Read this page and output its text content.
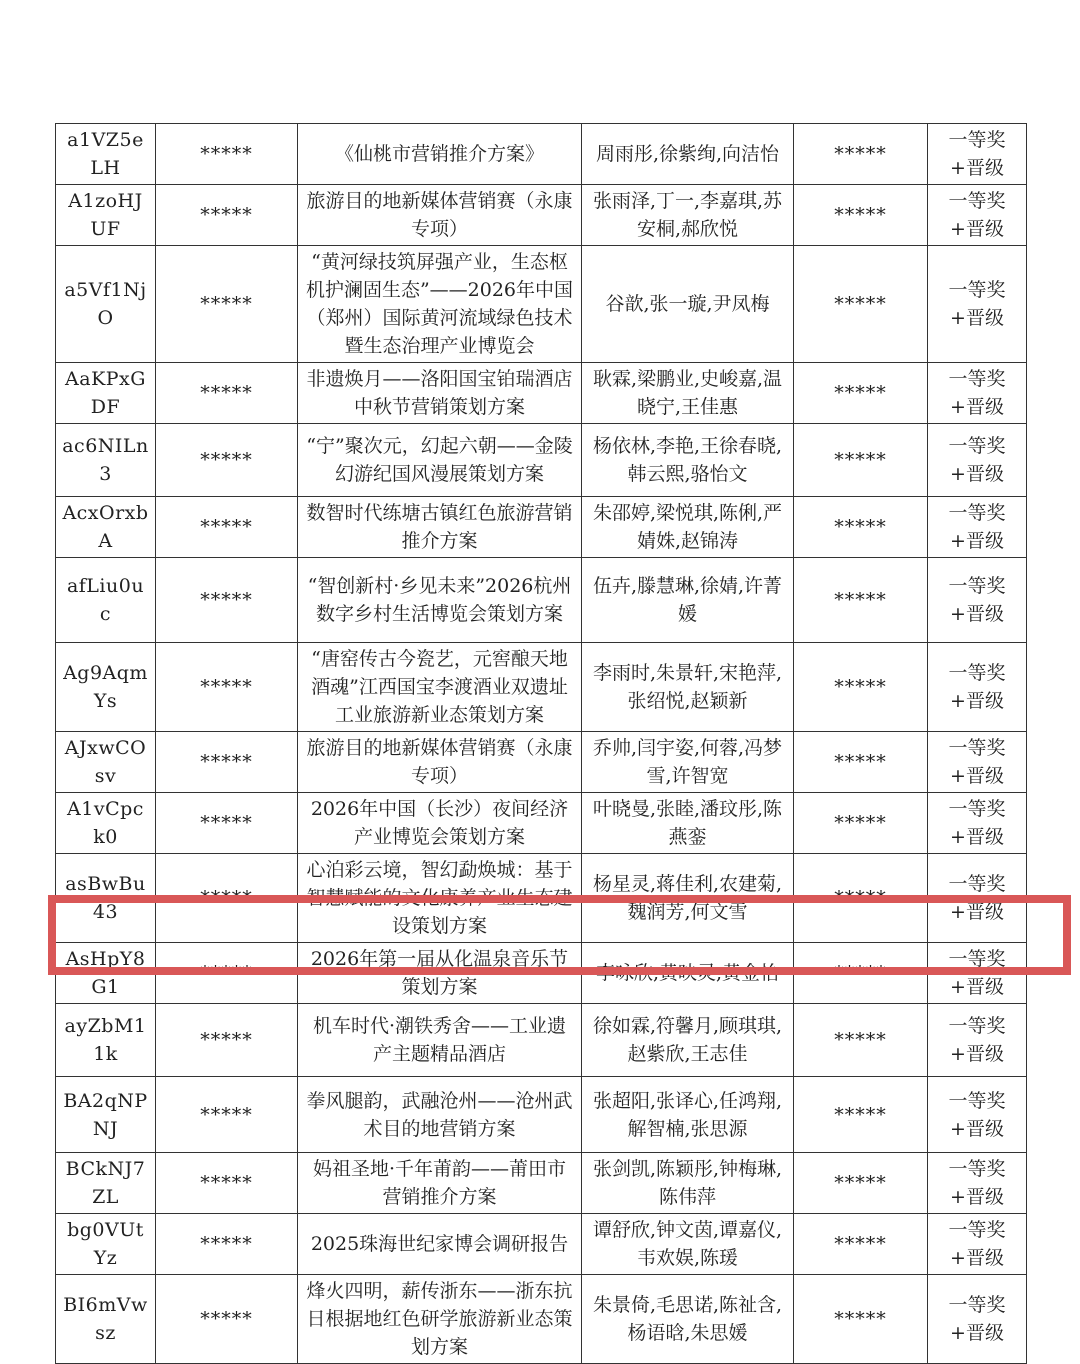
a1VZ5eLH	*****	《仙桃市营销推介方案》	周雨彤,徐紫绚,向洁怡	*****	一等奖+晋级
A1zoHJUF	*****	旅游目的地新媒体营销赛（永康专项）	张雨泽,丁一,李嘉琪,苏安桐,郝欣悦	*****	一等奖+晋级
a5Vf1NjO	*****	“黄河绿技筑屏强产业，生态枢机护澜固生态”——2026年中国（郑州）国际黄河流域绿色技术暨生态治理产业博览会	谷歆,张一璇,尹凤梅	*****	一等奖+晋级
AaKPxGDF	*****	非遗焕月——洛阳国宝铂瑞酒店中秋节营销策划方案	耿霖,梁鹏业,史峻嘉,温晓宁,王佳惠	*****	一等奖+晋级
ac6NILn3	*****	“宁”聚次元，幻起六朝——金陵幻游纪国风漫展策划方案	杨依林,李艳,王徐春晓,韩云熙,骆怡文	*****	一等奖+晋级
AcxOrxbA	*****	数智时代练塘古镇红色旅游营销推介方案	朱邵婷,梁悦琪,陈俐,严婧姝,赵锦涛	*****	一等奖+晋级
afLiu0uc	*****	“智创新村·乡见未来”2026杭州数字乡村生活博览会策划方案	伍卉,滕慧琳,徐婧,许菁媛	*****	一等奖+晋级
Ag9AqmYs	*****	“唐窑传古今瓷艺，元窖酿天地酒魂”江西国宝李渡酒业双遗址工业旅游新业态策划方案	李雨时,朱景轩,宋艳萍,张绍悦,赵颖新	*****	一等奖+晋级
AJxwCOsv	*****	旅游目的地新媒体营销赛（永康专项）	乔帅,闫宇姿,何蓉,冯梦雪,许智宽	*****	一等奖+晋级
A1vCpck0	*****	2026年中国（长沙）夜间经济产业博览会策划方案	叶晓曼,张睦,潘玟彤,陈燕銮	*****	一等奖+晋级
asBwBu43	*****	心泊彩云境，智幻勐焕城：基于智慧赋能的文化康养产业生态建设策划方案	杨星灵,蒋佳利,农建菊,魏润芳,何文雪	*****	一等奖+晋级
AsHpY8G1	*****	2026年第一届从化温泉音乐节策划方案	李咏欣,黄映灵,黄金怡	*****	一等奖+晋级
ayZbM11k	*****	机车时代·潮铁秀舍——工业遗产主题精品酒店	徐如霖,符馨月,顾琪琪,赵紫欣,王志佳	*****	一等奖+晋级
BA2qNPNJ	*****	拳风腿韵，武融沧州——沧州武术目的地营销方案	张超阳,张译心,任鸿翔,解智楠,张思源	*****	一等奖+晋级
BCkNJ7ZL	*****	妈祖圣地·千年莆韵——莆田市营销推介方案	张剑凯,陈颖彤,钟梅琳,陈伟萍	*****	一等奖+晋级
bg0VUtYz	*****	2025珠海世纪家博会调研报告	谭舒欣,钟文茵,谭嘉仪,韦欢娱,陈瑗	*****	一等奖+晋级
BI6mVwsz	*****	烽火四明，薪传浙东——浙东抗日根据地红色研学旅游新业态策划方案	朱景倚,毛思诺,陈祉含,杨语晗,朱思媛	*****	一等奖+晋级
